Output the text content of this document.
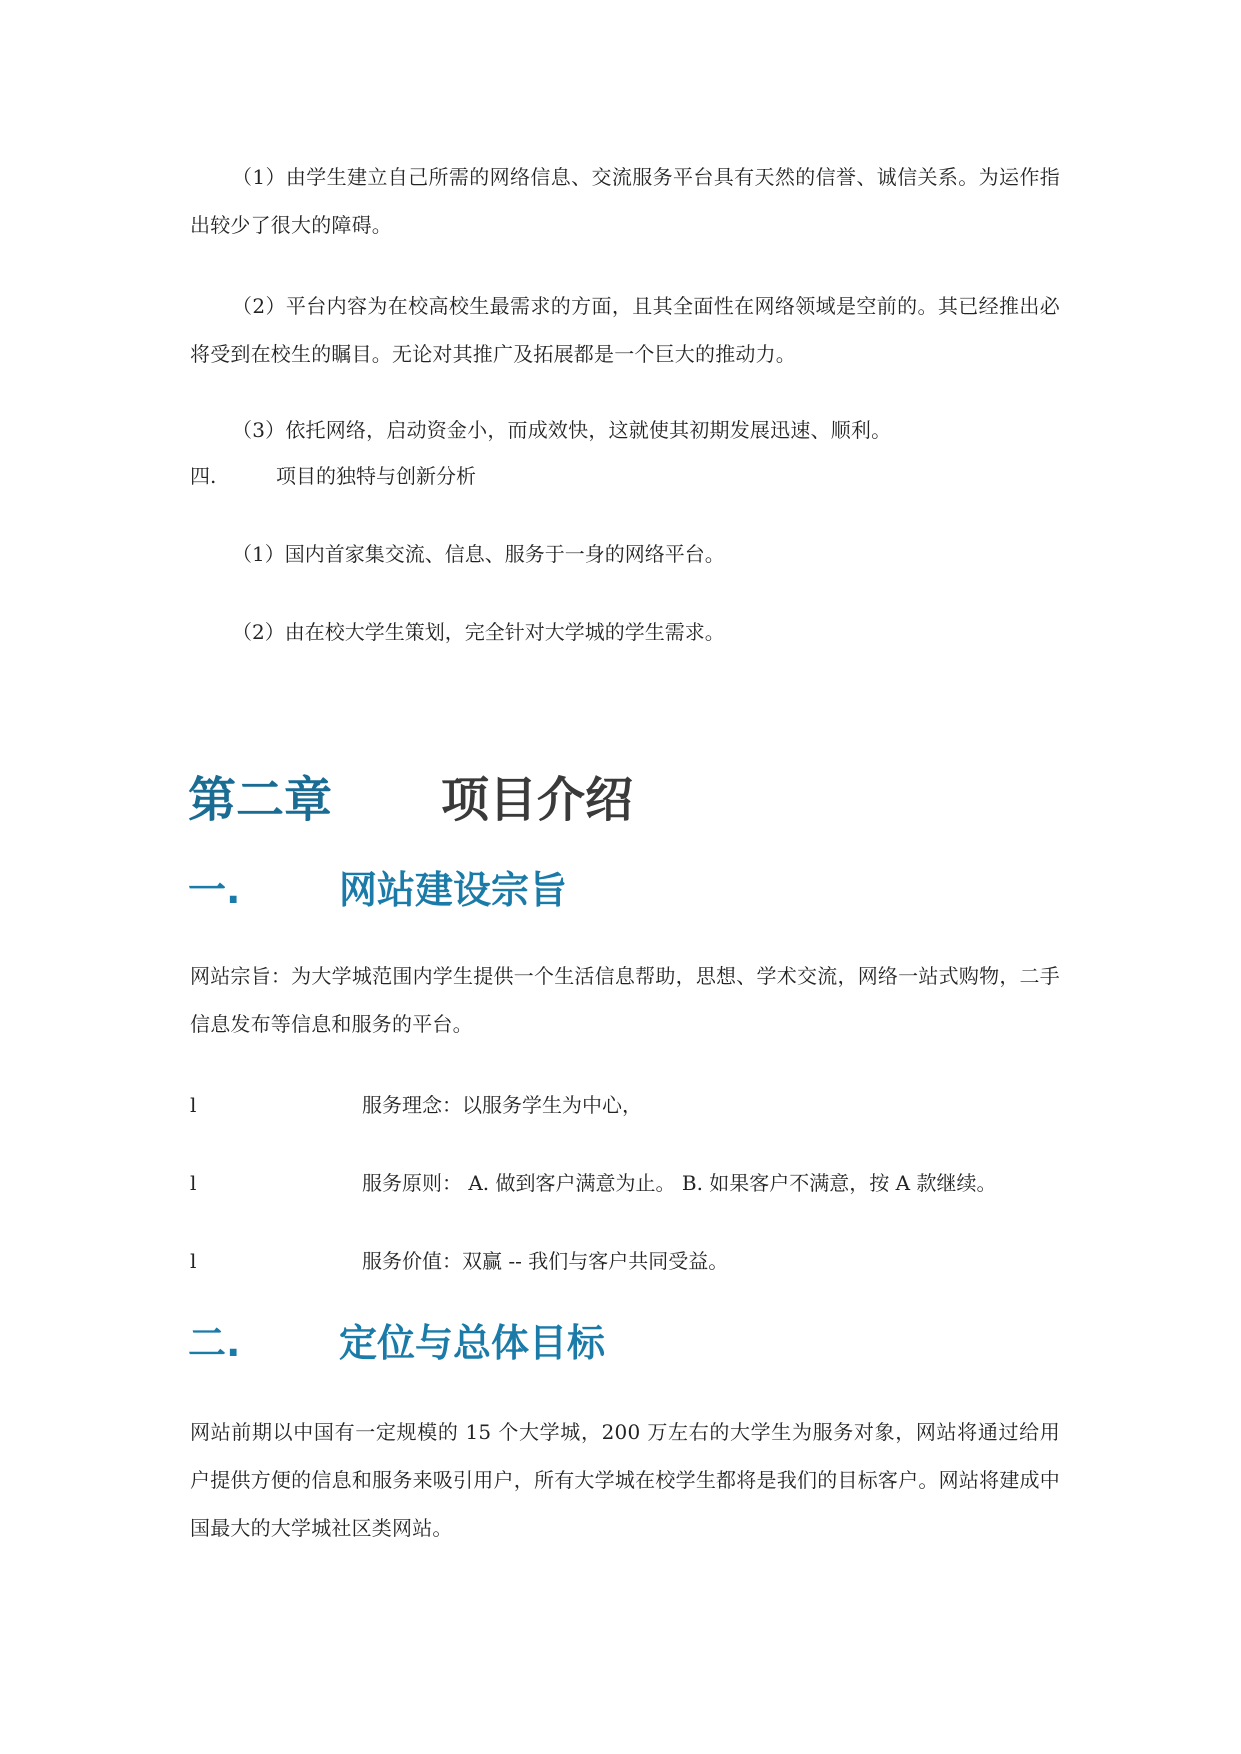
（1）由学生建立自己所需的网络信息、交流服务平台具有天然的信誉、诚信关系。为运作指出较少了很大的障碍。
（2）平台内容为在校高校生最需求的方面，且其全面性在网络领域是空前的。其已经推出必将受到在校生的瞩目。无论对其推广及拓展都是一个巨大的推动力。
（3）依托网络，启动资金小，而成效快，这就使其初期发展迅速、顺利。
四.	项目的独特与创新分析
（1）国内首家集交流、信息、服务于一身的网络平台。
（2）由在校大学生策划，完全针对大学城的学生需求。
第二章 项目介绍
一.	网站建设宗旨
网站宗旨：为大学城范围内学生提供一个生活信息帮助，思想、学术交流，网络一站式购物，二手信息发布等信息和服务的平台。
l	服务理念：以服务学生为中心，
l	服务原则： A. 做到客户满意为止。 B. 如果客户不满意，按 A 款继续。
l	服务价值：双赢 -- 我们与客户共同受益。
二.	定位与总体目标
网站前期以中国有一定规模的 15 个大学城，200 万左右的大学生为服务对象，网站将通过给用户提供方便的信息和服务来吸引用户，所有大学城在校学生都将是我们的目标客户。网站将建成中国最大的大学城社区类网站。
